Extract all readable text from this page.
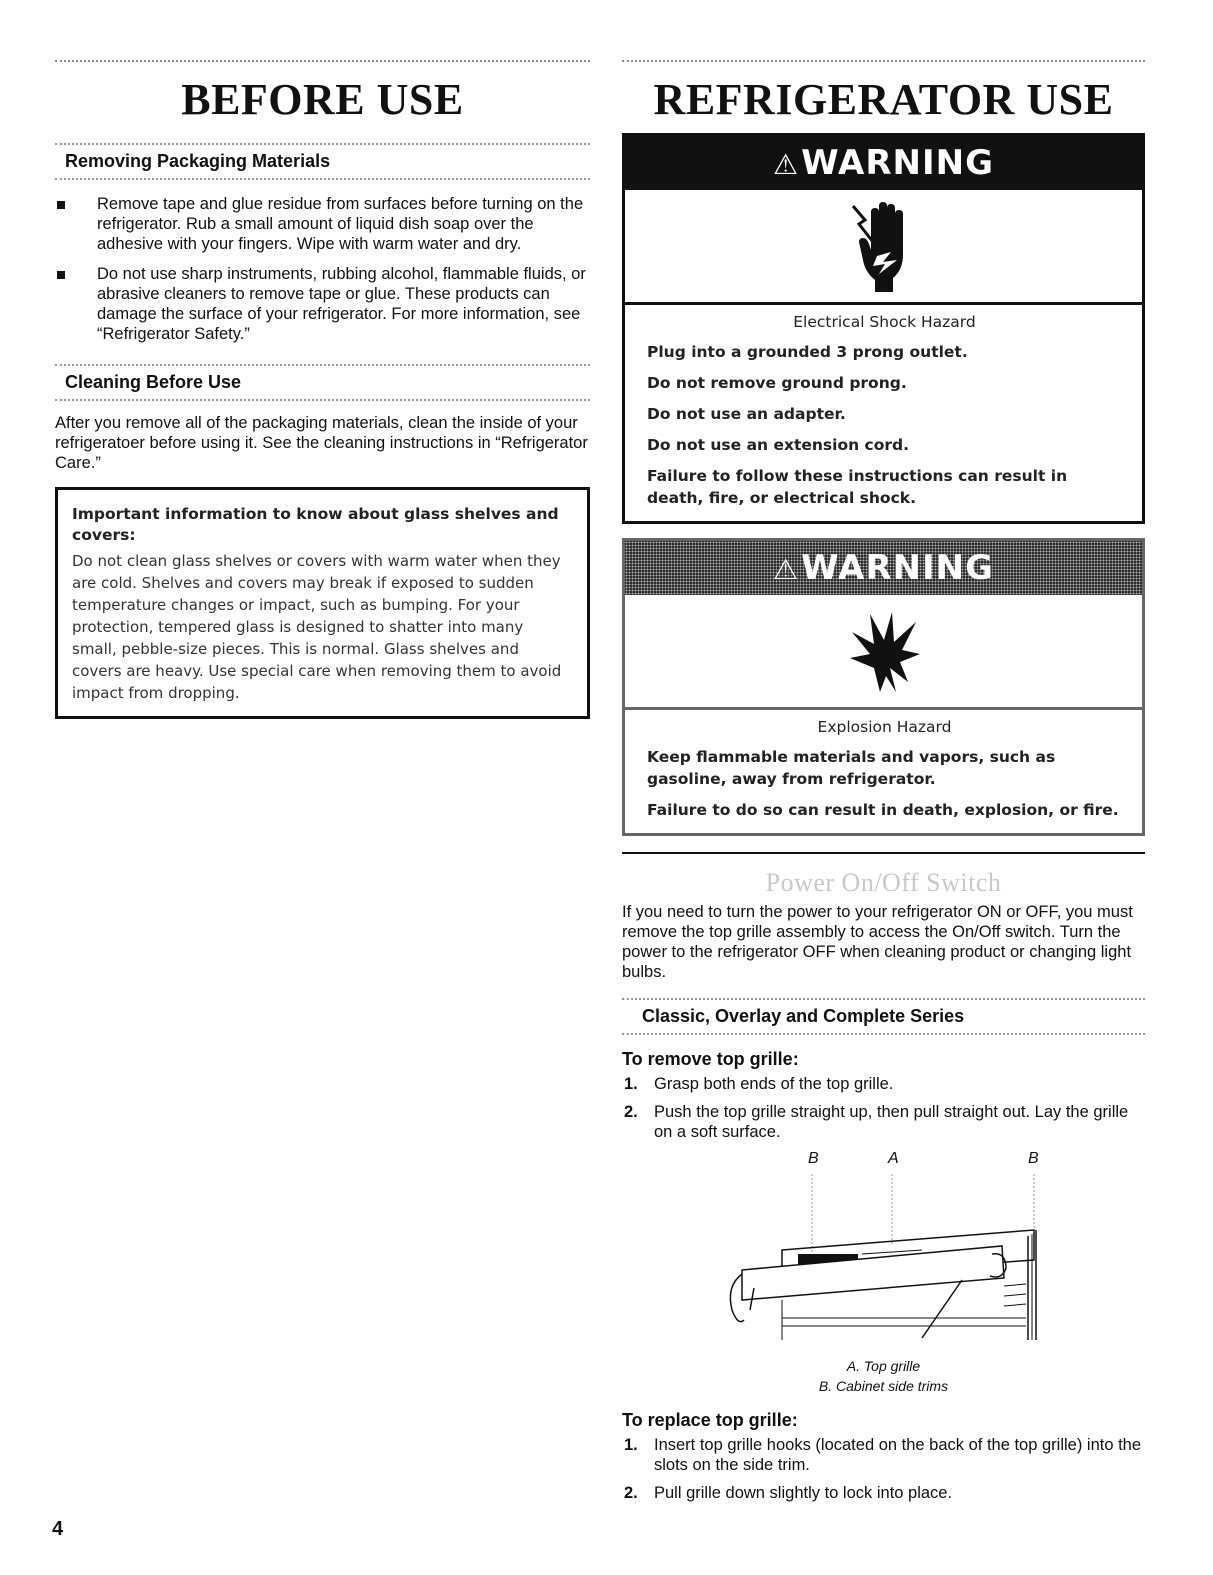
BEFORE USE
Removing Packaging Materials
Remove tape and glue residue from surfaces before turning on the refrigerator. Rub a small amount of liquid dish soap over the adhesive with your fingers. Wipe with warm water and dry.
Do not use sharp instruments, rubbing alcohol, flammable fluids, or abrasive cleaners to remove tape or glue. These products can damage the surface of your refrigerator. For more information, see “Refrigerator Safety.”
Cleaning Before Use

After you remove all of the packaging materials, clean the inside of your refrigeratoer before using it. See the cleaning instructions in “Refrigerator Care.”

Important information to know about glass shelves and covers:
Do not clean glass shelves or covers with warm water when they are cold. Shelves and covers may break if exposed to sudden temperature changes or impact, such as bumping. For your protection, tempered glass is designed to shatter into many small, pebble-size pieces. This is normal. Glass shelves and covers are heavy. Use special care when removing them to avoid impact from dropping.
REFRIGERATOR USE
⚠WARNING
Electrical Shock Hazard
Plug into a grounded 3 prong outlet.
Do not remove ground prong.
Do not use an adapter.
Do not use an extension cord.
Failure to follow these instructions can result in death, fire, or electrical shock.
⚠WARNING
Explosion Hazard
Keep flammable materials and vapors, such as gasoline, away from refrigerator.
Failure to do so can result in death, explosion, or fire.
Power On/Off Switch

If you need to turn the power to your refrigerator ON or OFF, you must remove the top grille assembly to access the On/Off switch. Turn the power to the refrigerator OFF when cleaning product or changing light bulbs.

Classic, Overlay and Complete Series
To remove top grille:
1. Grasp both ends of the top grille.
2. Push the top grille straight up, then pull straight out. Lay the grille on a soft surface.
B	A	B
A. Top grille
B. Cabinet side trims
To replace top grille:
1. Insert top grille hooks (located on the back of the top grille) into the slots on the side trim.
2. Pull grille down slightly to lock into place.
4
